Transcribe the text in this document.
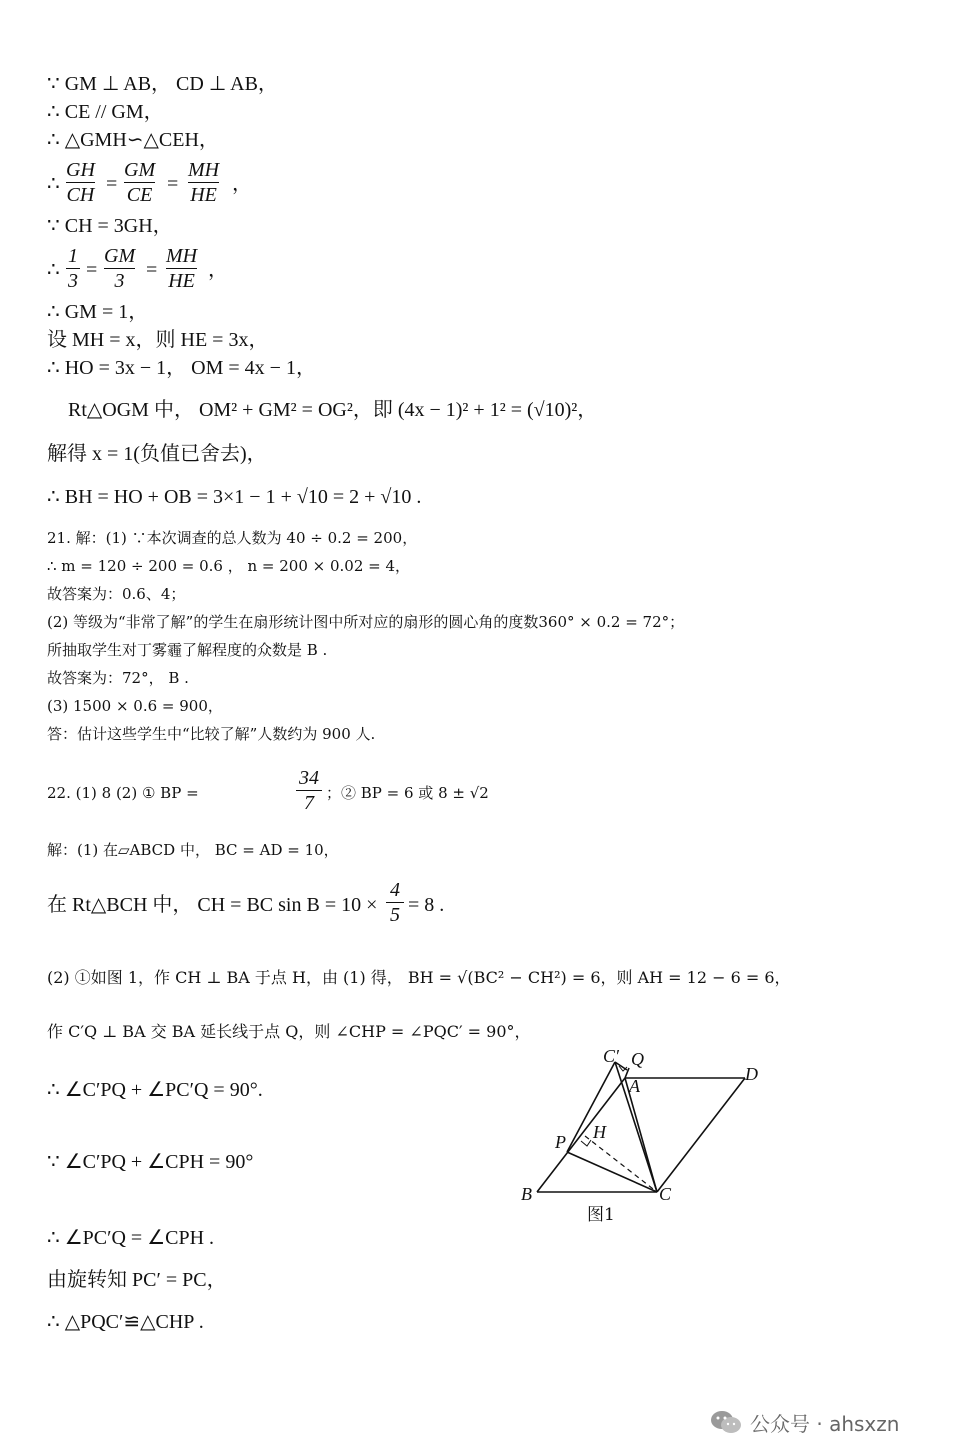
∵ GM ⊥ AB， CD ⊥ AB，

∴ CE // GM，

∴ △GMH∽△CEH，

∴ $\frac{GH}{CH} = \frac{GM}{CE} = \frac{MH}{HE}$ ，

∵ CH = 3GH，

∴ $\frac{1}{3} = \frac{GM}{3} = \frac{MH}{HE}$ ，

∴ GM = 1，

设 MH = x，则 HE = 3x，

∴ HO = 3x − 1， OM = 4x − 1，

Rt△OGM 中， OM² + GM² = OG²，即 (4x − 1)² + 1² = (√10)²，

解得 x = 1(负值已舍去)，

∴ BH = HO + OB = 3×1 − 1 + √10 = 2 + √10 .

21. 解：(1) ∵本次调查的总人数为 40 ÷ 0.2 = 200，

∴ m = 120 ÷ 200 = 0.6 ， n = 200 × 0.02 = 4，

故答案为：0.6、4；

(2) 等级为“非常了解”的学生在扇形统计图中所对应的扇形的圆心角的度数360° × 0.2 = 72°；

所抽取学生对丁雾霾了解程度的众数是 B .

故答案为：72°， B .

(3) 1500 × 0.6 = 900，

答：估计这些学生中“比较了解”人数约为 900 人.

22. (1) 8 (2) ① BP =	$\frac{34}{7}$ ；② BP = 6 或 8 ± √2

解：(1) 在▱ABCD 中， BC = AD = 10，

在 Rt△BCH 中， CH = BC $\sin B = 10 \times \frac{4}{5} = 8$ .

(2) ①如图 1，作 CH ⊥ BA 于点 H，由 (1) 得， BH = √(BC² − CH²) = 6，则 AH = 12 − 6 = 6，

作 C′Q ⊥ BA 交 BA 延长线于点 Q，则 ∠CHP = ∠PQC′ = 90°，

∴ ∠C′PQ + ∠PC′Q = 90°.

∵ ∠C′PQ + ∠CPH = 90°

∴ ∠PC′Q = ∠CPH .

由旋转知 PC′ = PC，

∴ △PQC′≌△CHP .

C′ Q
A
D
P H
B	C
图1
公众号 · ahsxzn
